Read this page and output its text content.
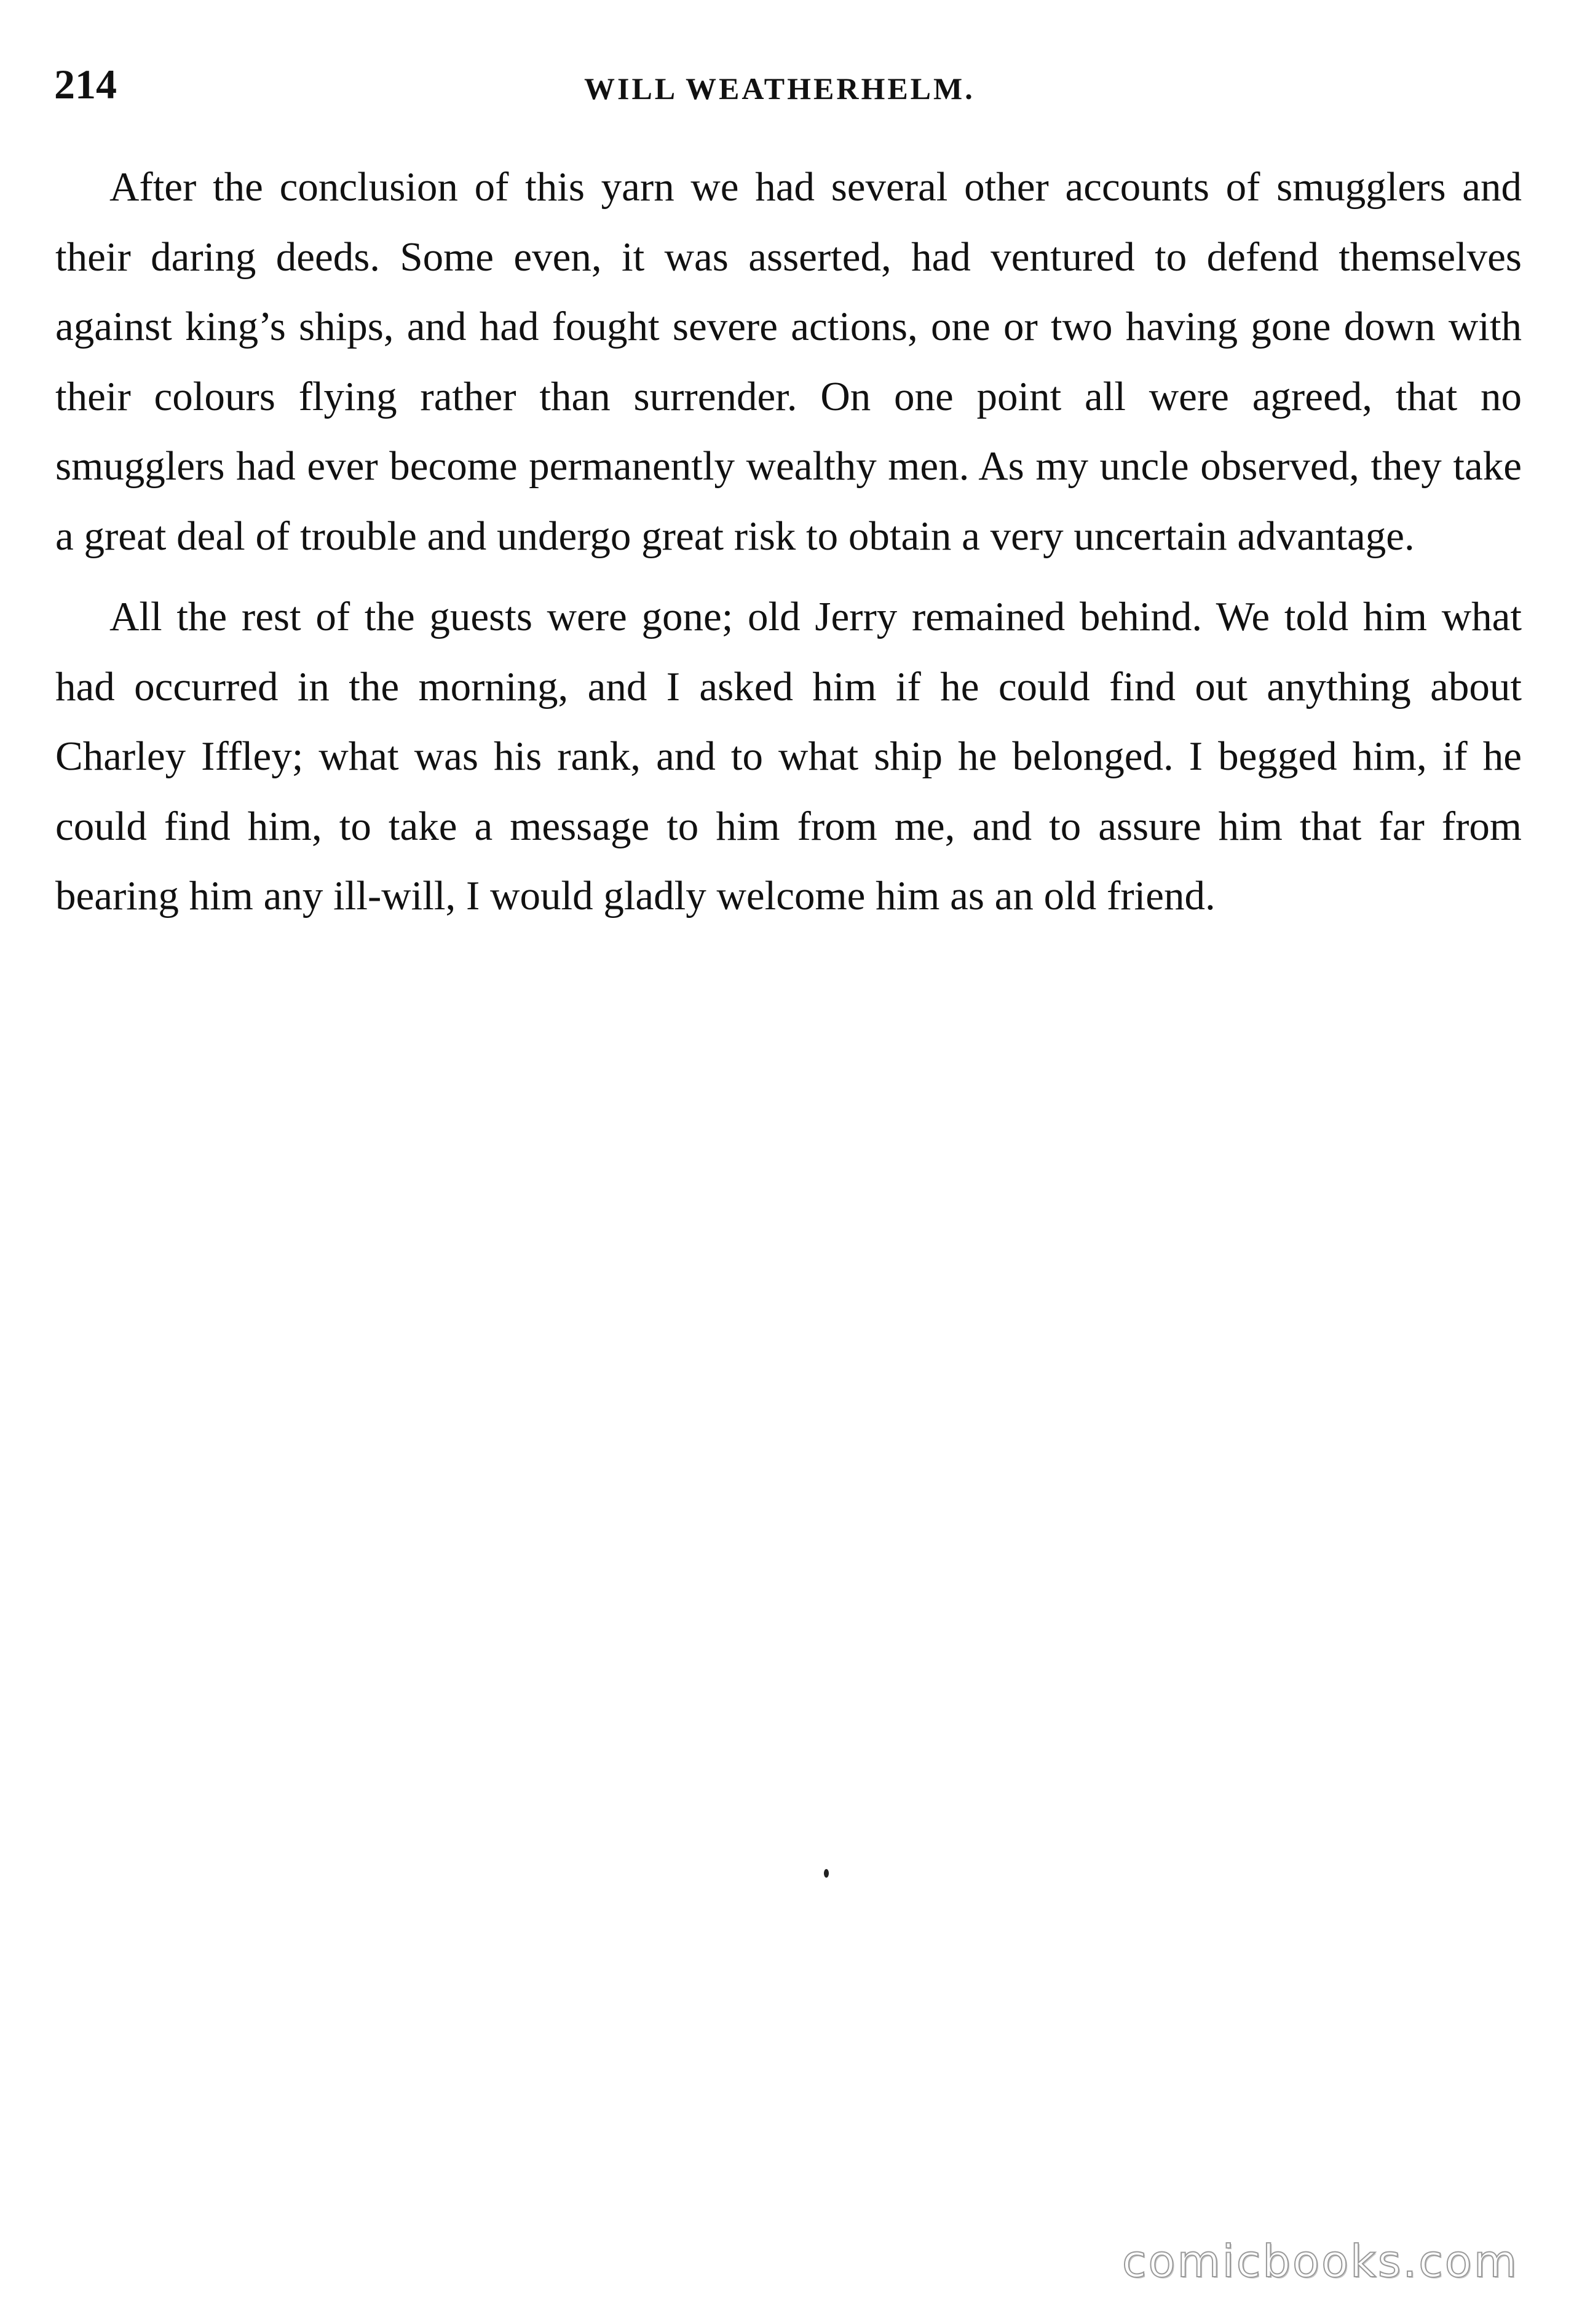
214	WILL WEATHERHELM.

After the conclusion of this yarn we had several other accounts of smugglers and their daring deeds. Some even, it was asserted, had ventured to defend themselves against king’s ships, and had fought severe actions, one or two having gone down with their colours flying rather than surrender. On one point all were agreed, that no smugglers had ever become permanently wealthy men. As my uncle observed, they take a great deal of trouble and undergo great risk to obtain a very uncertain advantage.

All the rest of the guests were gone; old Jerry remained behind. We told him what had occurred in the morning, and I asked him if he could find out anything about Charley Iffley; what was his rank, and to what ship he belonged. I begged him, if he could find him, to take a message to him from me, and to assure him that far from bearing him any ill-will, I would gladly welcome him as an old friend.

comicbooks.com
